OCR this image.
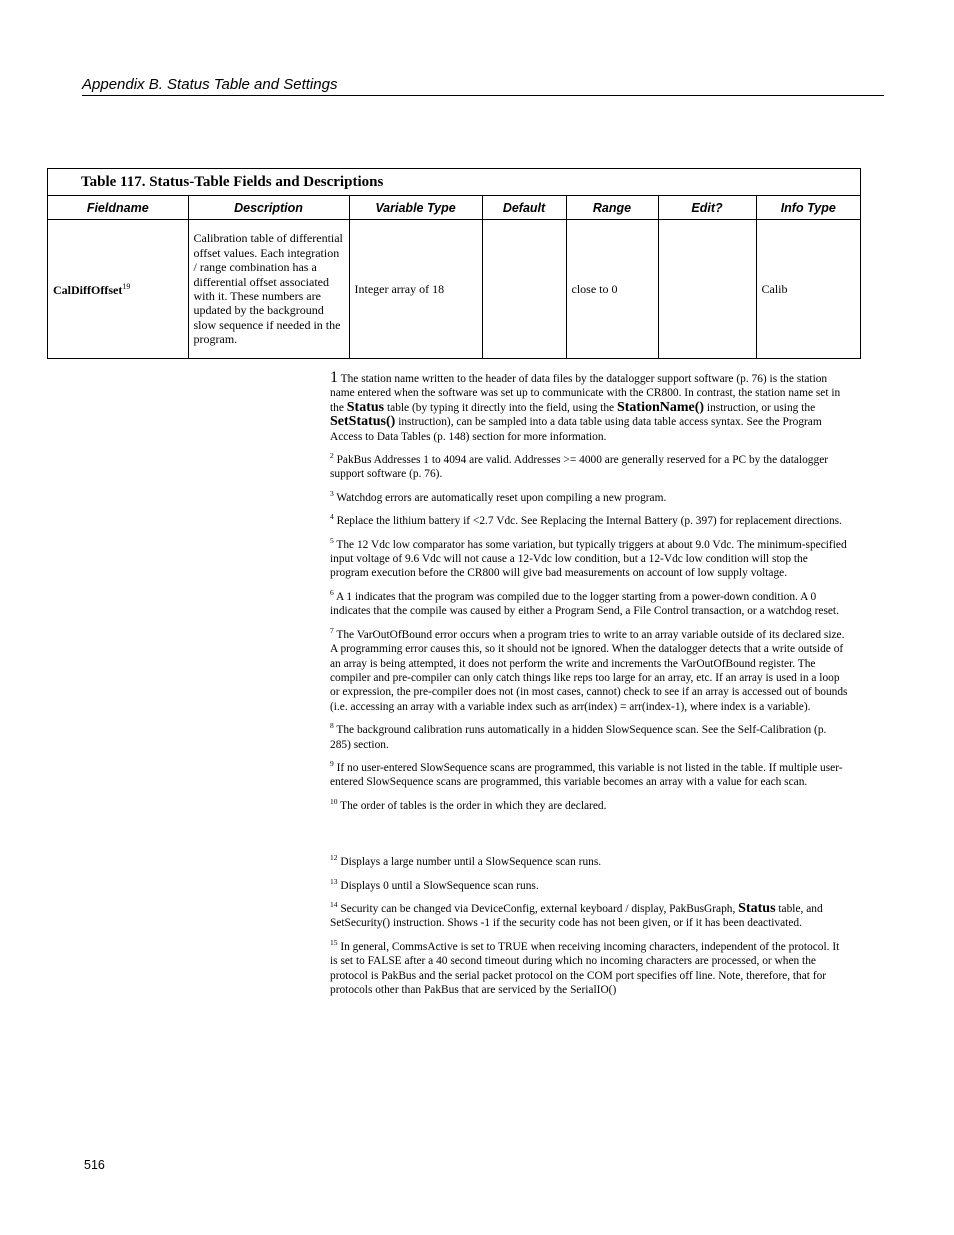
Appendix B. Status Table and Settings
Table 117. Status-Table Fields and Descriptions
Fieldname	Description	Variable Type	Default	Range	Edit?	Info Type
CalDiffOffset$^{19}$	Calibration table of differential offset values. Each integration / range combination has a differential offset associated with it. These numbers are updated by the background slow sequence if needed in the program.	Integer array of 18		close to 0		Calib

1 The station name written to the header of data files by the datalogger support software (p. 76) is the station name entered when the software was set up to communicate with the CR800. In contrast, the station name set in the Status table (by typing it directly into the field, using the StationName() instruction, or using the SetStatus() instruction), can be sampled into a data table using data table access syntax. See the Program Access to Data Tables (p. 148) section for more information.

$^2$ PakBus Addresses 1 to 4094 are valid. Addresses >= 4000 are generally reserved for a PC by the datalogger support software (p. 76).

$^3$ Watchdog errors are automatically reset upon compiling a new program.

$^4$ Replace the lithium battery if <2.7 Vdc. See Replacing the Internal Battery (p. 397) for replacement directions.

$^5$ The 12 Vdc low comparator has some variation, but typically triggers at about 9.0 Vdc. The minimum-specified input voltage of 9.6 Vdc will not cause a 12-Vdc low condition, but a 12-Vdc low condition will stop the program execution before the CR800 will give bad measurements on account of low supply voltage.

$^6$ A 1 indicates that the program was compiled due to the logger starting from a power-down condition. A 0 indicates that the compile was caused by either a Program Send, a File Control transaction, or a watchdog reset.

$^7$ The VarOutOfBound error occurs when a program tries to write to an array variable outside of its declared size. A programming error causes this, so it should not be ignored. When the datalogger detects that a write outside of an array is being attempted, it does not perform the write and increments the VarOutOfBound register. The compiler and pre-compiler can only catch things like reps too large for an array, etc. If an array is used in a loop or expression, the pre-compiler does not (in most cases, cannot) check to see if an array is accessed out of bounds (i.e. accessing an array with a variable index such as arr(index) = arr(index-1), where index is a variable).

$^8$ The background calibration runs automatically in a hidden SlowSequence scan. See the Self-Calibration (p. 285) section.

$^9$ If no user-entered SlowSequence scans are programmed, this variable is not listed in the table. If multiple user-entered SlowSequence scans are programmed, this variable becomes an array with a value for each scan.

$^{10}$ The order of tables is the order in which they are declared.

$^{12}$ Displays a large number until a SlowSequence scan runs.

$^{13}$ Displays 0 until a SlowSequence scan runs.

$^{14}$ Security can be changed via DeviceConfig, external keyboard / display, PakBusGraph, Status table, and SetSecurity() instruction. Shows -1 if the security code has not been given, or if it has been deactivated.

$^{15}$ In general, CommsActive is set to TRUE when receiving incoming characters, independent of the protocol. It is set to FALSE after a 40 second timeout during which no incoming characters are processed, or when the protocol is PakBus and the serial packet protocol on the COM port specifies off line. Note, therefore, that for protocols other than PakBus that are serviced by the SerialIO()

516
